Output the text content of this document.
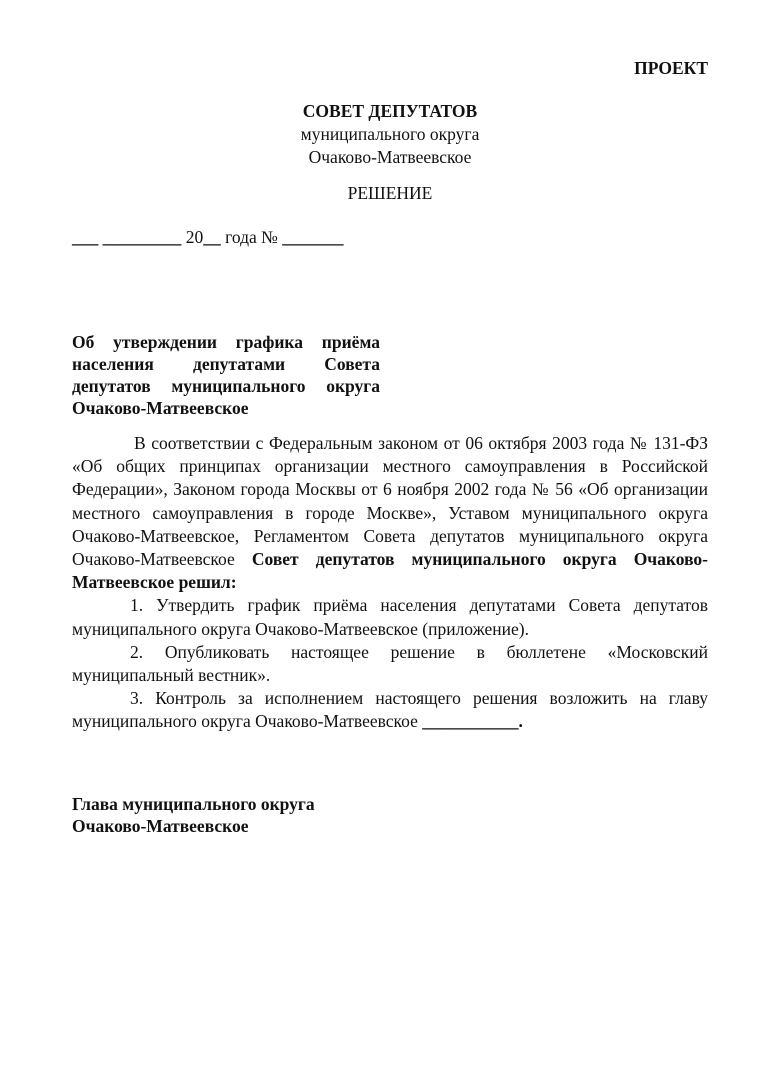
ПРОЕКТ
СОВЕТ ДЕПУТАТОВ
муниципального округа
Очаково-Матвеевское
РЕШЕНИЕ
___ _________ 20__ года № _______
Об утверждении графика приёма населения депутатами Совета депутатов муниципального округа Очаково-Матвеевское

В соответствии с Федеральным законом от 06 октября 2003 года № 131-ФЗ «Об общих принципах организации местного самоуправления в Российской Федерации», Законом города Москвы от 6 ноября 2002 года № 56 «Об организации местного самоуправления в городе Москве», Уставом муниципального округа Очаково-Матвеевское, Регламентом Совета депутатов муниципального округа Очаково-Матвеевское Совет депутатов муниципального округа Очаково-Матвеевское решил:

1. Утвердить график приёма населения депутатами Совета депутатов муниципального округа Очаково-Матвеевское (приложение).

2. Опубликовать настоящее решение в бюллетене «Московский муниципальный вестник».

3. Контроль за исполнением настоящего решения возложить на главу муниципального округа Очаково-Матвеевское ___________.

Глава муниципального округа
Очаково-Матвеевское
